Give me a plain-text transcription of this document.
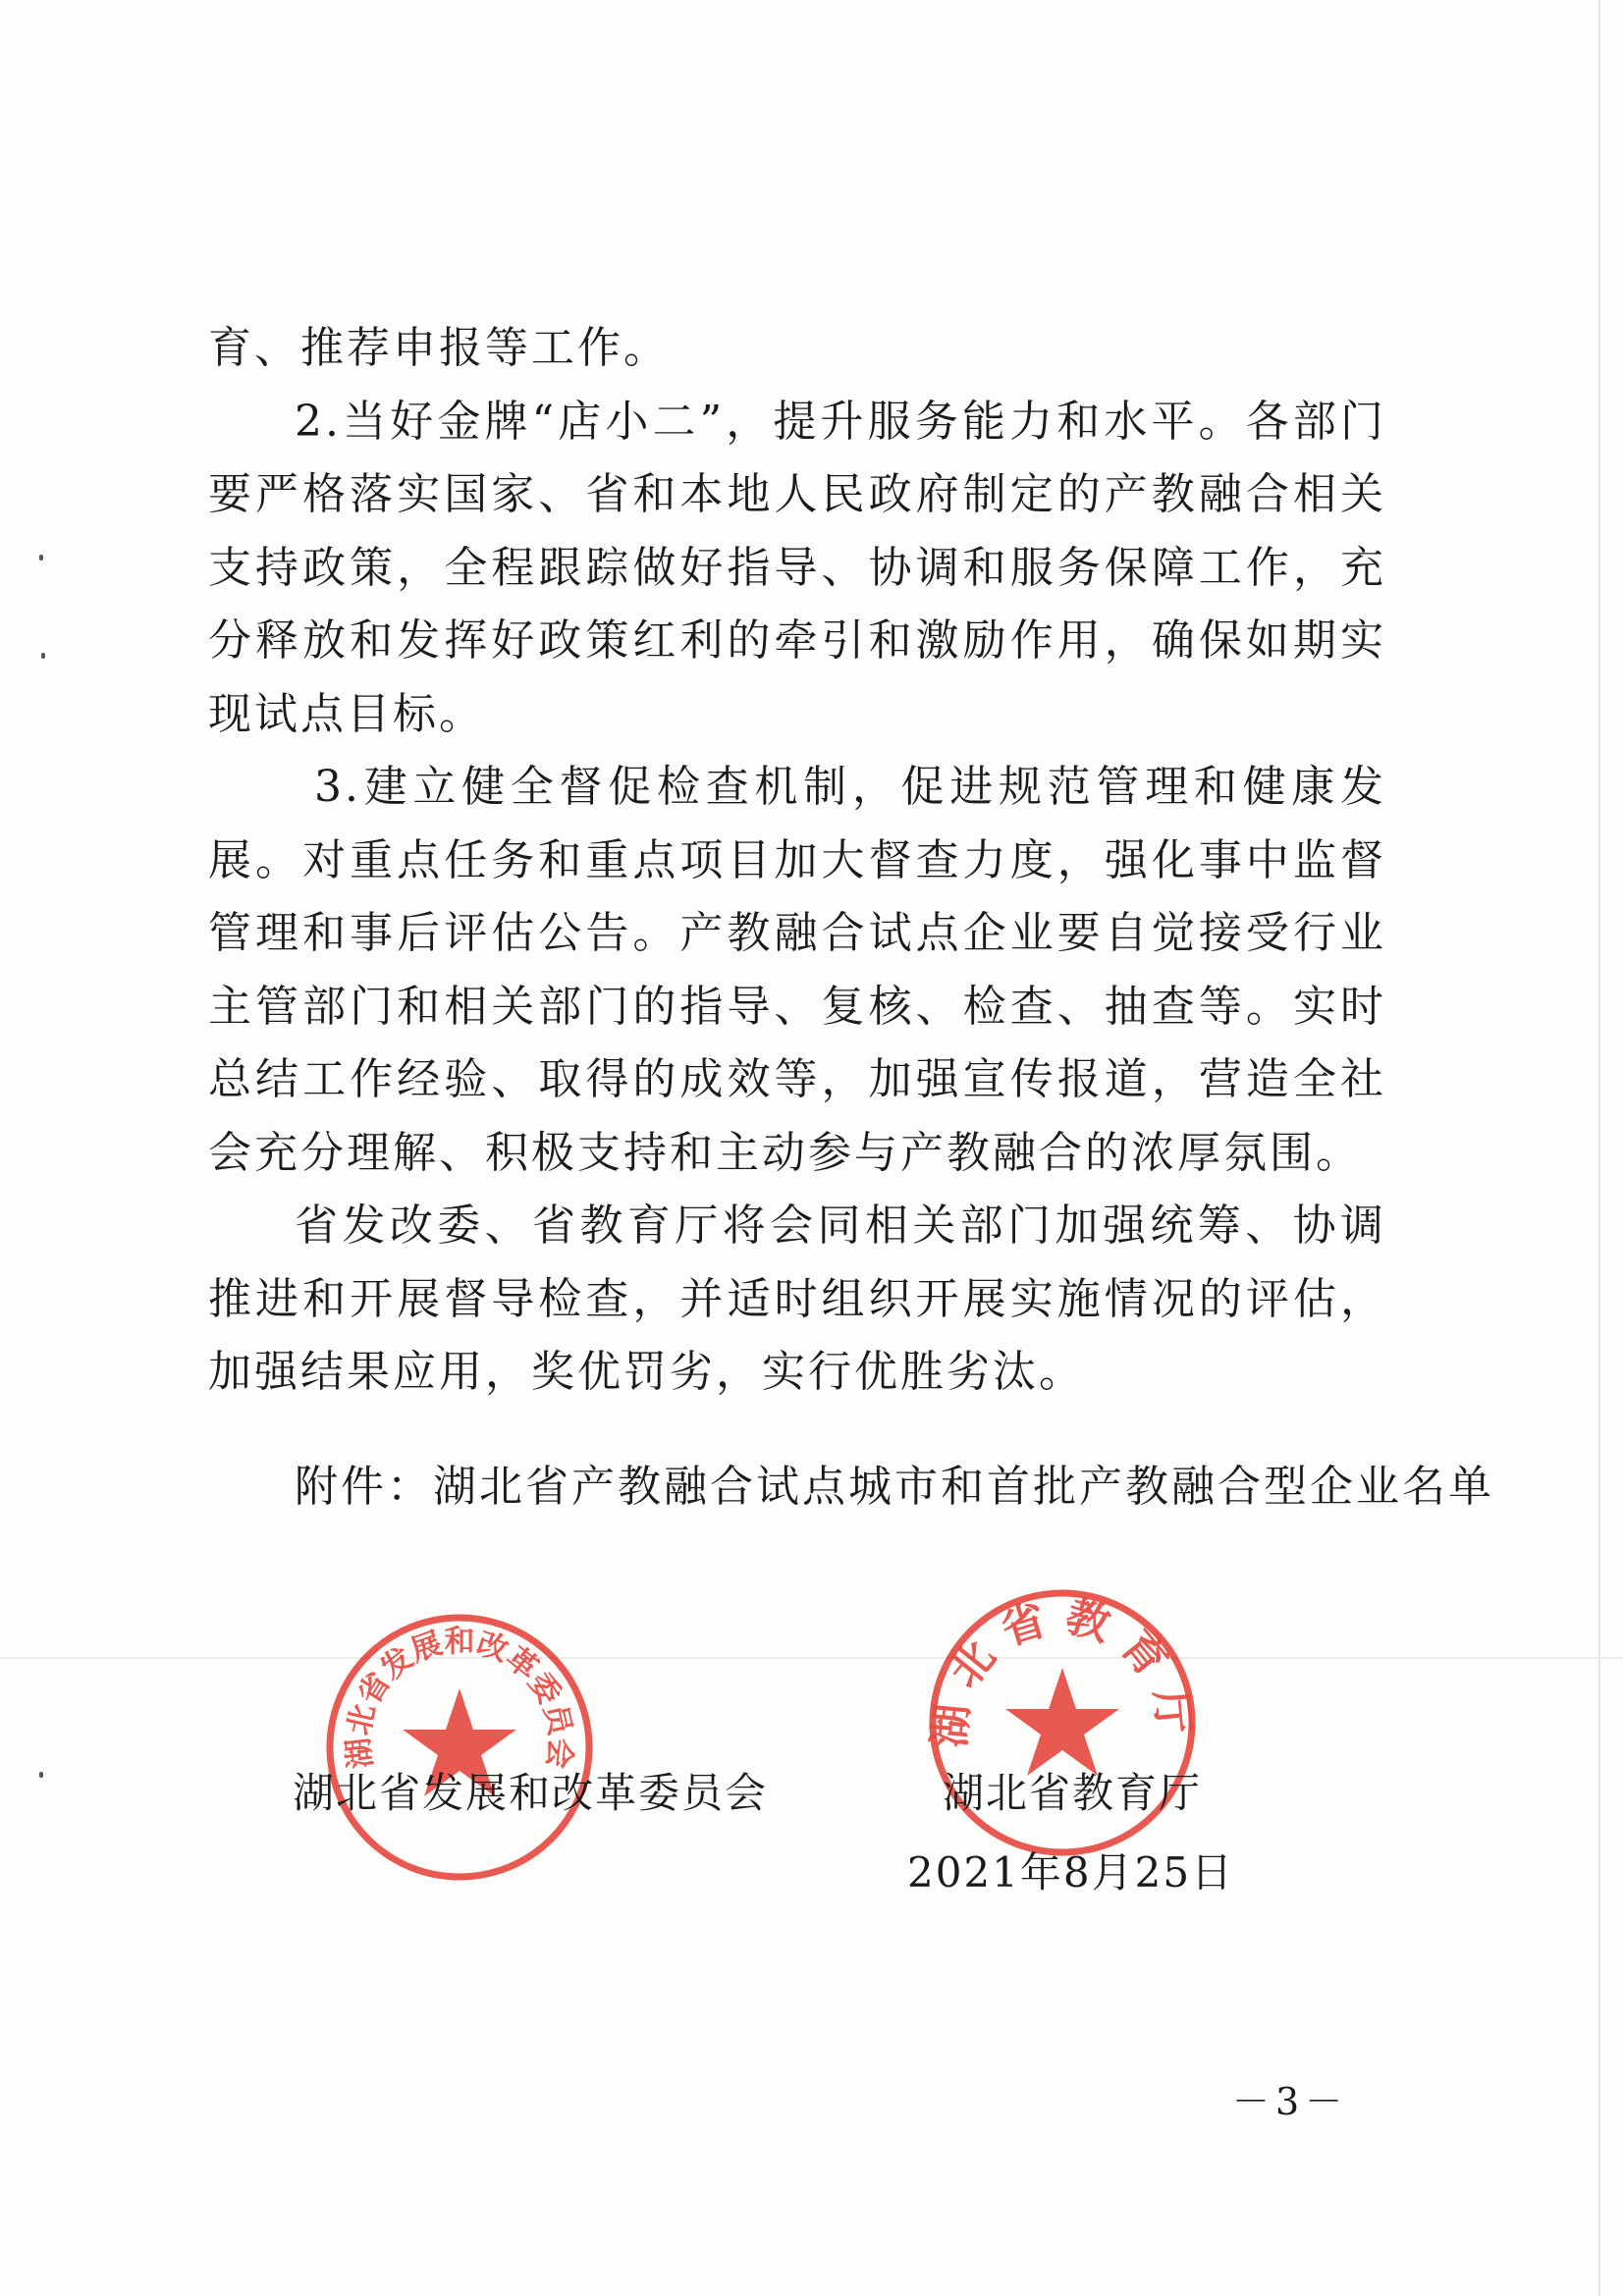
育、推荐申报等工作。

2.当好金牌“店小二”，提升服务能力和水平。各部门要严格落实国家、省和本地人民政府制定的产教融合相关支持政策，全程跟踪做好指导、协调和服务保障工作，充分释放和发挥好政策红利的牵引和激励作用，确保如期实现试点目标。

3.建立健全督促检查机制，促进规范管理和健康发展。对重点任务和重点项目加大督查力度，强化事中监督管理和事后评估公告。产教融合试点企业要自觉接受行业主管部门和相关部门的指导、复核、检查、抽查等。实时总结工作经验、取得的成效等，加强宣传报道，营造全社会充分理解、积极支持和主动参与产教融合的浓厚氛围。

省发改委、省教育厅将会同相关部门加强统筹、协调推进和开展督导检查，并适时组织开展实施情况的评估，加强结果应用，奖优罚劣，实行优胜劣汰。

附件：湖北省产教融合试点城市和首批产教融合型企业名单
湖北省发展和改革委员会
湖北省教育厅
湖北省发展和改革委员会	湖北省教育厅
2021年8月25日
－3－
